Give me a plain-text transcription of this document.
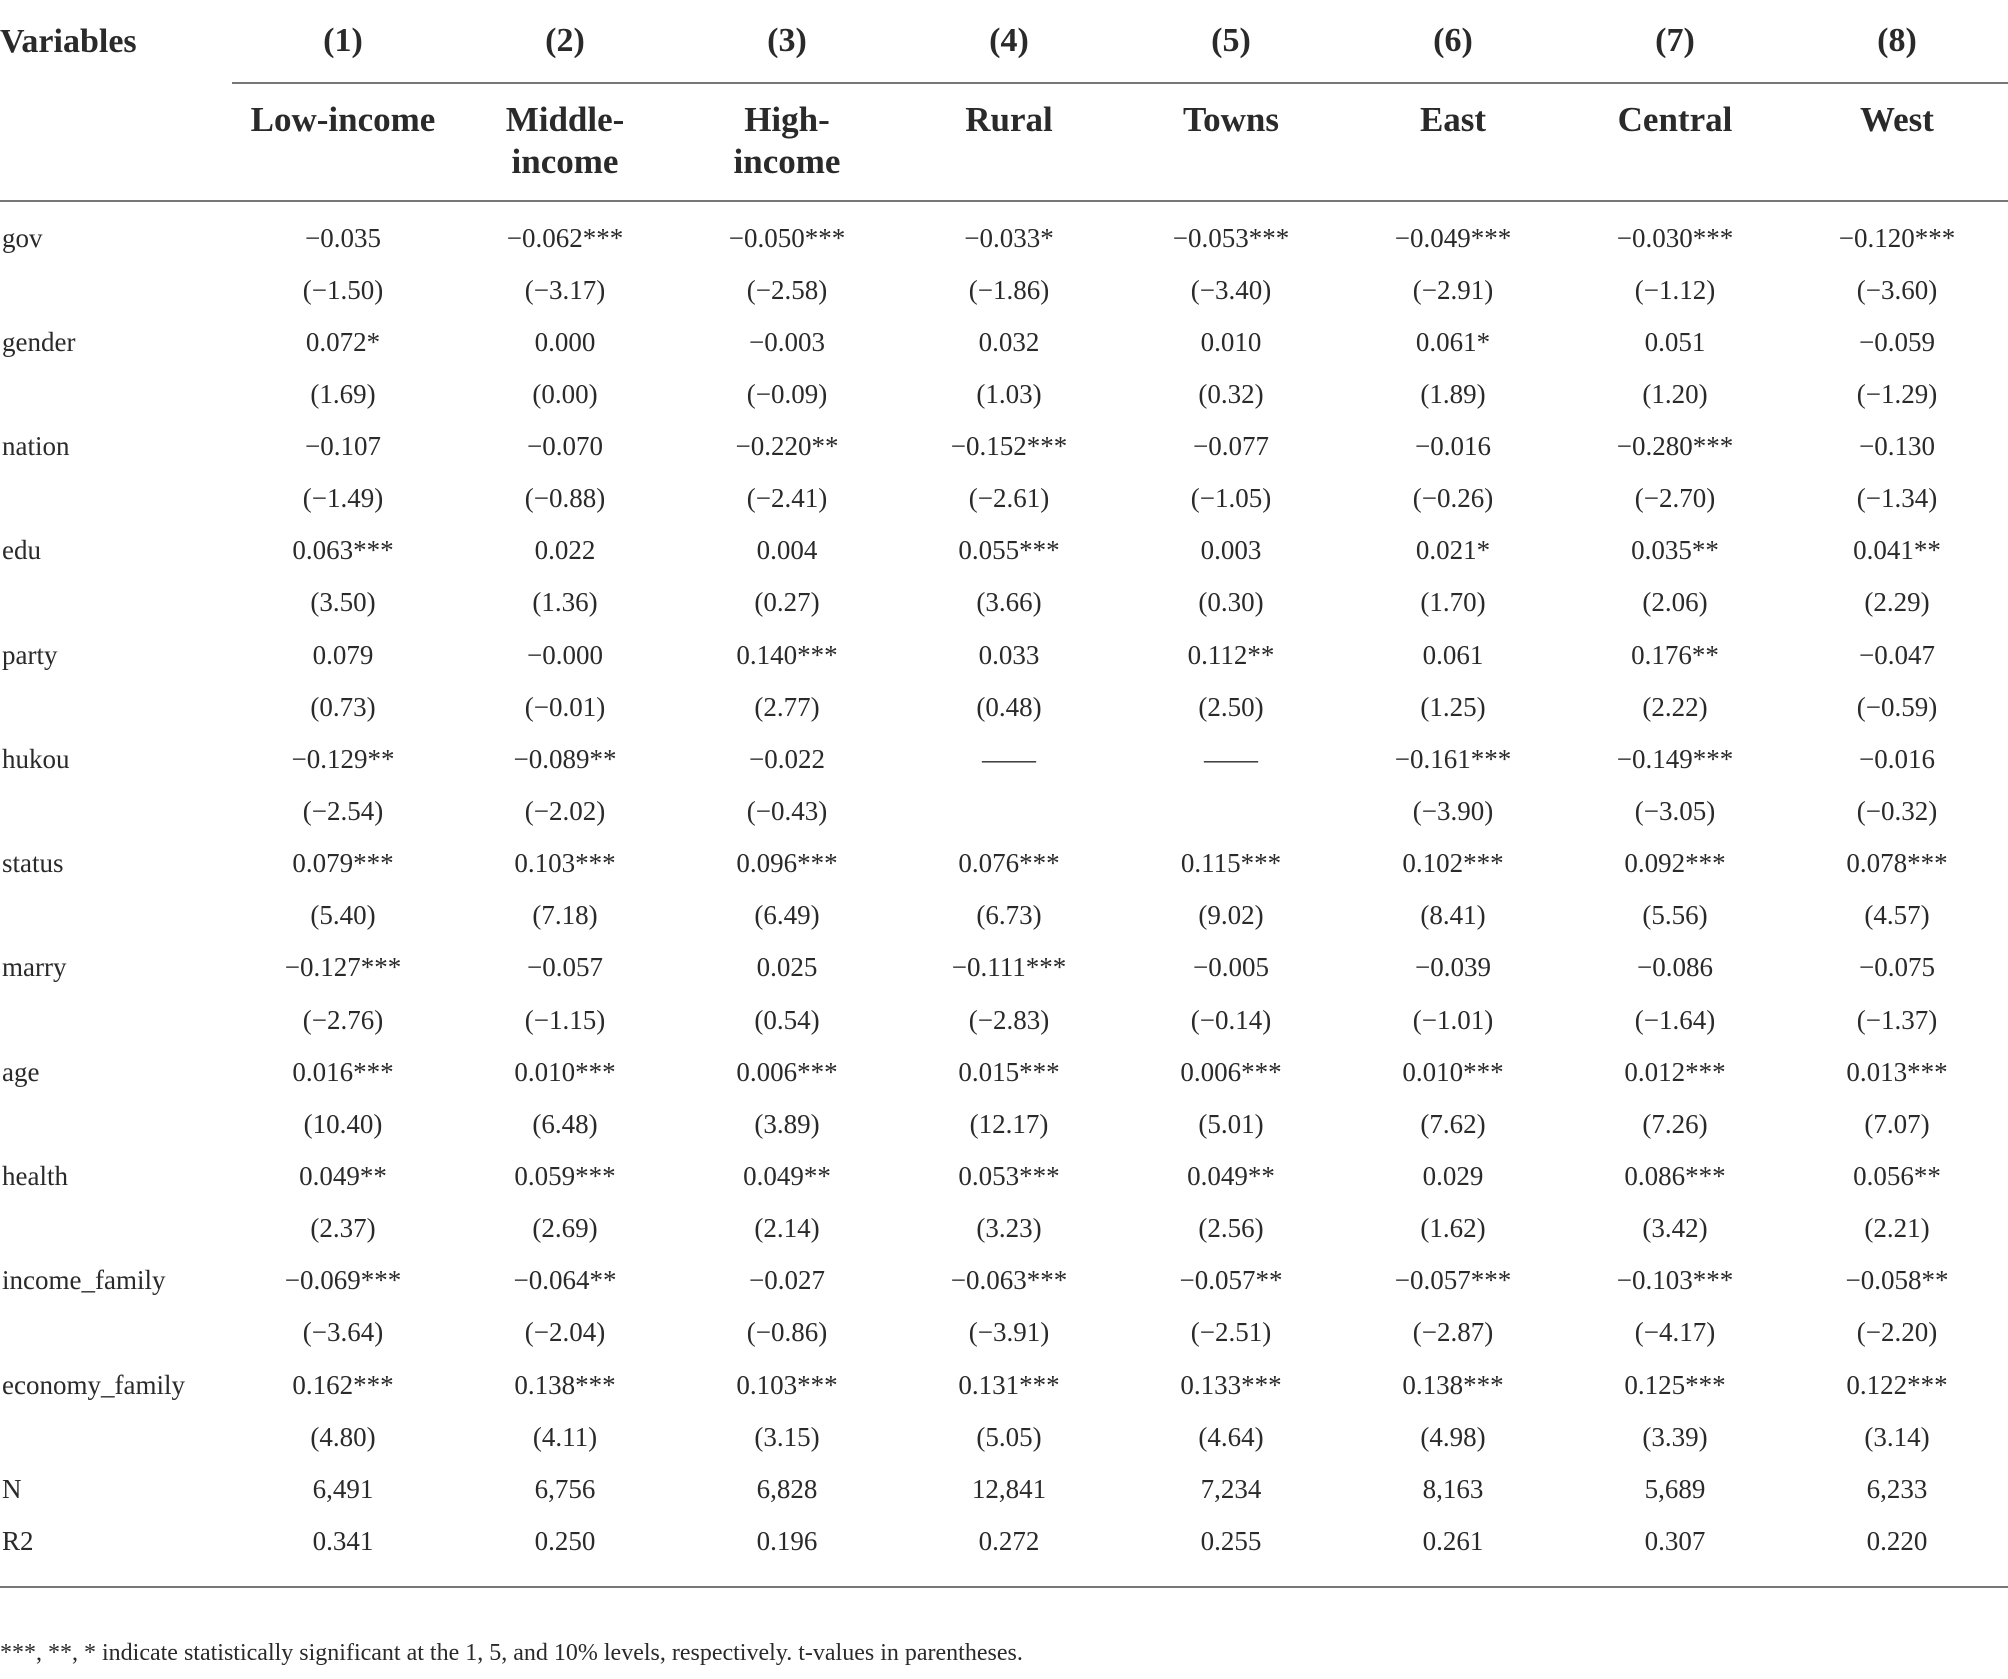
Variables	(1)	(2)	(3)	(4)	(5)	(6)	(7)	(8)
	Low-income	Middle-income	High-income	Rural	Towns	East	Central	West
gov	−0.035	−0.062***	−0.050***	−0.033*	−0.053***	−0.049***	−0.030***	−0.120***
	(−1.50)	(−3.17)	(−2.58)	(−1.86)	(−3.40)	(−2.91)	(−1.12)	(−3.60)
gender	0.072*	0.000	−0.003	0.032	0.010	0.061*	0.051	−0.059
	(1.69)	(0.00)	(−0.09)	(1.03)	(0.32)	(1.89)	(1.20)	(−1.29)
nation	−0.107	−0.070	−0.220**	−0.152***	−0.077	−0.016	−0.280***	−0.130
	(−1.49)	(−0.88)	(−2.41)	(−2.61)	(−1.05)	(−0.26)	(−2.70)	(−1.34)
edu	0.063***	0.022	0.004	0.055***	0.003	0.021*	0.035**	0.041**
	(3.50)	(1.36)	(0.27)	(3.66)	(0.30)	(1.70)	(2.06)	(2.29)
party	0.079	−0.000	0.140***	0.033	0.112**	0.061	0.176**	−0.047
	(0.73)	(−0.01)	(2.77)	(0.48)	(2.50)	(1.25)	(2.22)	(−0.59)
hukou	−0.129**	−0.089**	−0.022	——	——	−0.161***	−0.149***	−0.016
	(−2.54)	(−2.02)	(−0.43)			(−3.90)	(−3.05)	(−0.32)
status	0.079***	0.103***	0.096***	0.076***	0.115***	0.102***	0.092***	0.078***
	(5.40)	(7.18)	(6.49)	(6.73)	(9.02)	(8.41)	(5.56)	(4.57)
marry	−0.127***	−0.057	0.025	−0.111***	−0.005	−0.039	−0.086	−0.075
	(−2.76)	(−1.15)	(0.54)	(−2.83)	(−0.14)	(−1.01)	(−1.64)	(−1.37)
age	0.016***	0.010***	0.006***	0.015***	0.006***	0.010***	0.012***	0.013***
	(10.40)	(6.48)	(3.89)	(12.17)	(5.01)	(7.62)	(7.26)	(7.07)
health	0.049**	0.059***	0.049**	0.053***	0.049**	0.029	0.086***	0.056**
	(2.37)	(2.69)	(2.14)	(3.23)	(2.56)	(1.62)	(3.42)	(2.21)
income_family	−0.069***	−0.064**	−0.027	−0.063***	−0.057**	−0.057***	−0.103***	−0.058**
	(−3.64)	(−2.04)	(−0.86)	(−3.91)	(−2.51)	(−2.87)	(−4.17)	(−2.20)
economy_family	0.162***	0.138***	0.103***	0.131***	0.133***	0.138***	0.125***	0.122***
	(4.80)	(4.11)	(3.15)	(5.05)	(4.64)	(4.98)	(3.39)	(3.14)
N	6,491	6,756	6,828	12,841	7,234	8,163	5,689	6,233
R2	0.341	0.250	0.196	0.272	0.255	0.261	0.307	0.220
***, **, * indicate statistically significant at the 1, 5, and 10% levels, respectively. t-values in parentheses.
